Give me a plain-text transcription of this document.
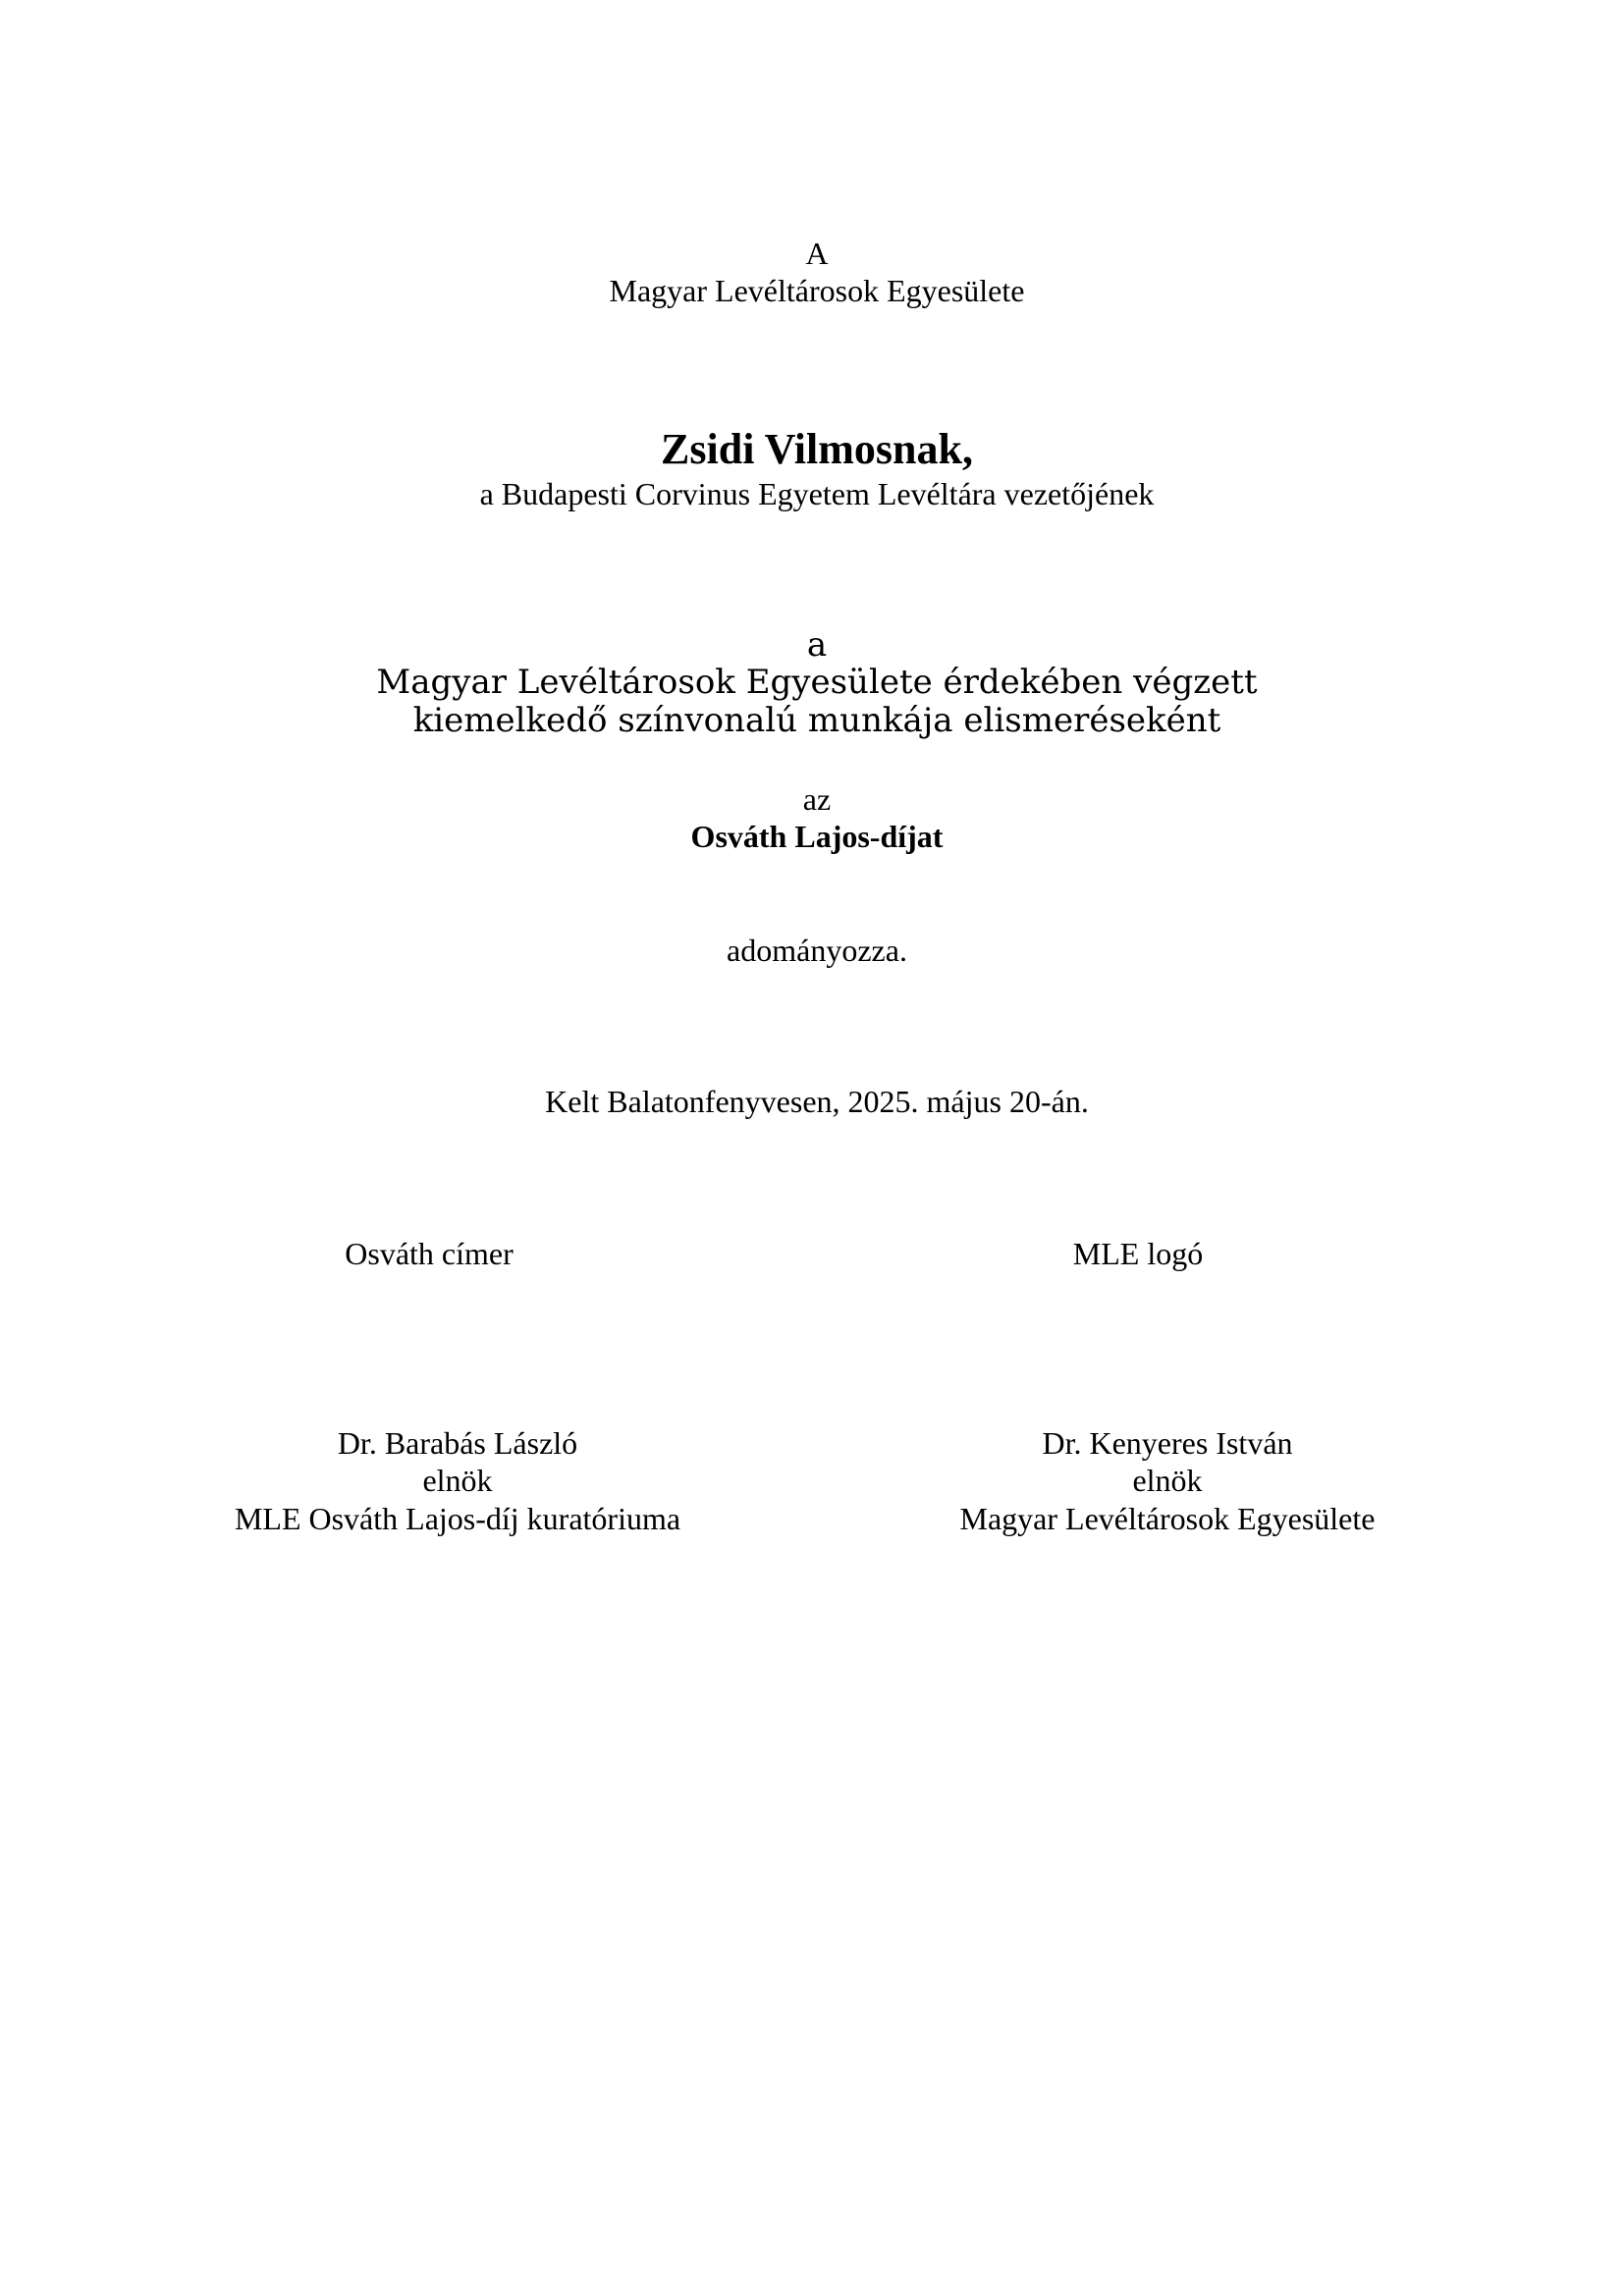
A
Magyar Levéltárosok Egyesülete
Zsidi Vilmosnak,
a Budapesti Corvinus Egyetem Levéltára vezetőjének
a
Magyar Levéltárosok Egyesülete érdekében végzett
kiemelkedő színvonalú munkája elismeréseként
az
Osváth Lajos-díjat
adományozza.
Kelt Balatonfenyvesen, 2025. május 20-án.
Osváth címer	MLE logó
Dr. Barabás László
elnök
MLE Osváth Lajos-díj kuratóriuma
Dr. Kenyeres István
elnök
Magyar Levéltárosok Egyesülete
